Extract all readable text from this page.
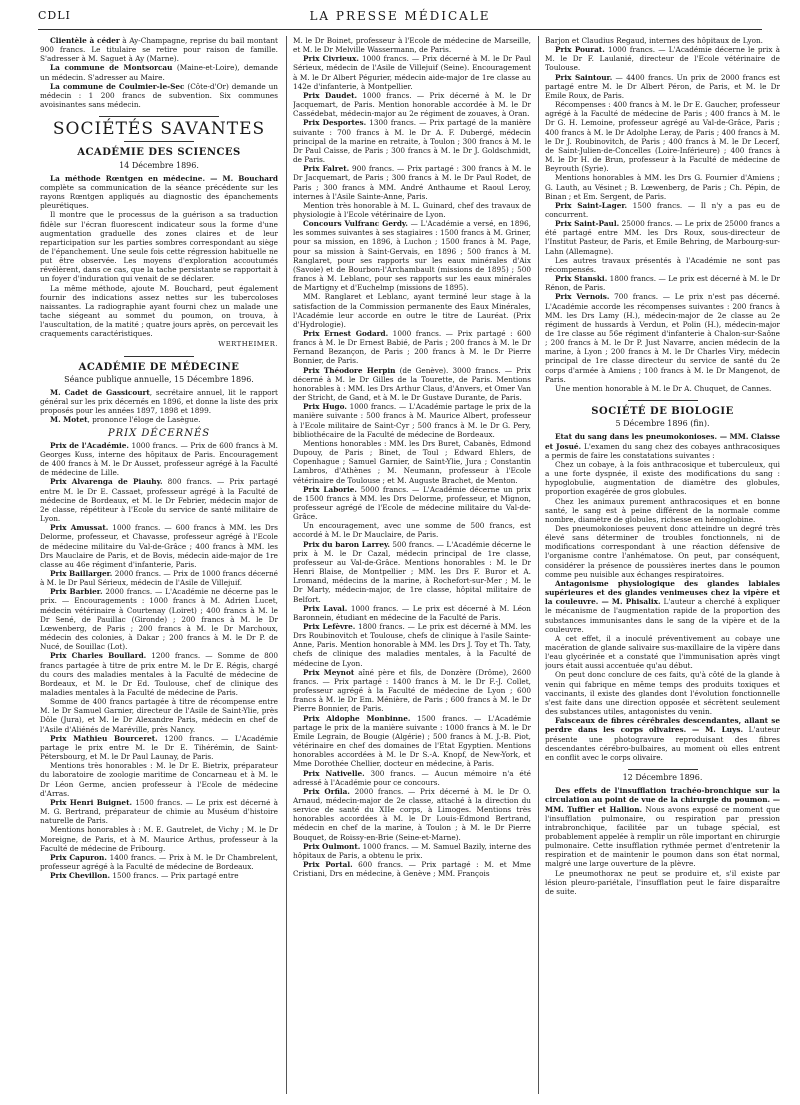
CDLI	LA PRESSE MÉDICALE

Clientèle à céder à Ay-Champagne, reprise du bail montant 900 francs. Le titulaire se retire pour raison de famille. S'adresser à M. Saguet à Ay (Marne).

La commune de Montsorcau (Maine-et-Loire), demande un médecin. S'adresser au Maire.

La commune de Coulmier-le-Sec (Côte-d'Or) demande un médecin : 1 200 francs de subvention. Six communes avoisinantes sans médecin.

SOCIÉTÉS SAVANTES
ACADÉMIE DES SCIENCES
14 Décembre 1896.

La méthode Rœntgen en médecine. — M. Bouchard complète sa communication de la séance précédente sur les rayons Rœntgen appliqués au diagnostic des épanchements pleurétiques.

Il montre que le processus de la guérison a sa traduction fidèle sur l'écran fluorescent indicateur sous la forme d'une augmentation graduelle des zones claires et de leur reparticipation sur les parties sombres correspondant au siège de l'épanchement. Une seule fois cette régression habituelle ne put être observée. Les moyens d'exploration accoutumés révélèrent, dans ce cas, que la tache persistante se rapportait à un foyer d'induration qui venait de se déclarer.

La même méthode, ajoute M. Bouchard, peut également fournir des indications assez nettes sur les tubercoloses naissantes. La radiographie ayant fourni chez un malade une tache siégeant au sommet du poumon, on trouva, à l'auscultation, de la matité ; quatre jours après, on percevait les craquements caractéristiques.

WERTHEIMER.
ACADÉMIE DE MÉDECINE
Séance publique annuelle, 15 Décembre 1896.

M. Cadet de Gassicourt, secrétaire annuel, lit le rapport général sur les prix décernés en 1896, et donne la liste des prix proposés pour les années 1897, 1898 et 1899.

M. Motet, prononce l'éloge de Lasègue.

PRIX DÉCERNÉS

Prix de l'Académie. 1000 francs. — Prix de 600 francs à M. Georges Kuss, interne des hôpitaux de Paris. Encouragement de 400 francs à M. le Dr Ausset, professeur agrégé à la Faculté de médecine de Lille.

Prix Alvarenga de Piauhy. 800 francs. — Prix partagé entre M. le Dr E. Cassaet, professeur agrégé à la Faculté de médecine de Bordeaux, et M. le Dr Febrier, médecin major de 2e classe, répétiteur à l'Ecole du service de santé militaire de Lyon.

Prix Amussat. 1000 francs. — 600 francs à MM. les Drs Delorme, professeur, et Chavasse, professeur agrégé à l'Ecole de médecine militaire du Val-de-Grâce ; 400 francs à MM. les Drs Mauclaire de Paris, et de Bovis, médecin aide-major de 1re classe au 46e régiment d'infanterie, Paris.

Prix Baillarger. 2000 francs. — Prix de 1000 francs décerné à M. le Dr Paul Sérieux, médecin de l'Asile de Villejuif.

Prix Barbier. 2000 francs. — L'Académie ne décerne pas le prix. — Encouragements : 1000 francs à M. Adrien Lucet, médecin vétérinaire à Courtenay (Loiret) ; 400 francs à M. le Dr Sené, de Pauillac (Gironde) ; 200 francs à M. le Dr Lœwenberg, de Paris ; 200 francs à M. le Dr Marchoux, médecin des colonies, à Dakar ; 200 francs à M. le Dr P. de Nucé, de Souillac (Lot).

Prix Charles Boullard. 1200 francs. — Somme de 800 francs partagée à titre de prix entre M. le Dr E. Régis, chargé du cours des maladies mentales à la Faculté de médecine de Bordeaux, et M. le Dr Ed. Toulouse, chef de clinique des maladies mentales à la Faculté de médecine de Paris.

Somme de 400 francs partagée à titre de récompense entre M. le Dr Samuel Garnier, directeur de l'Asile de Saint-Ylie, près Dôle (Jura), et M. le Dr Alexandre Paris, médecin en chef de l'Asile d'Aliénés de Maréville, près Nancy.

Prix Mathieu Bourceret. 1200 francs. — L'Académie partage le prix entre M. le Dr E. Tihérémin, de Saint-Pétersbourg, et M. le Dr Paul Launay, de Paris.

Mentions très honorables : M. le Dr E. Bietrix, préparateur du laboratoire de zoologie maritime de Concarneau et à M. le Dr Léon Germe, ancien professeur à l'Ecole de médecine d'Arras.

Prix Henri Buignet. 1500 francs. — Le prix est décerné à M. G. Bertrand, préparateur de chimie au Muséum d'histoire naturelle de Paris.

Mentions honorables à : M. E. Gautrelet, de Vichy ; M. le Dr Moreigne, de Paris, et à M. Maurice Arthus, professeur à la Faculté de médecine de Fribourg.

Prix Capuron. 1400 francs. — Prix à M. le Dr Chambrelent, professeur agrégé à la Faculté de médecine de Bordeaux.

Prix Chevillon. 1500 francs. — Prix partagé entre

M. le Dr Boinet, professeur à l'Ecole de médecine de Marseille, et M. le Dr Melville Wassermann, de Paris.

Prix Civrieux. 1000 francs. — Prix décerné à M. le Dr Paul Sérieux, médecin de l'Asile de Villejuif (Seine). Encouragement à M. le Dr Albert Pégurier, médecin aide-major de 1re classe au 142e d'infanterie, à Montpellier.

Prix Daudet. 1000 francs. — Prix décerné à M. le Dr Jacquemart, de Paris. Mention honorable accordée à M. le Dr Cassédebat, médecin-major au 2e régiment de zouaves, à Oran.

Prix Desportes. 1300 francs. — Prix partagé de la manière suivante : 700 francs à M. le Dr A. F. Dubergé, médecin principal de la marine en retraite, à Toulon ; 300 francs à M. le Dr Paul Caisse, de Paris ; 300 francs à M. le Dr J. Goldschmidt, de Paris.

Prix Falret. 900 francs. — Prix partagé : 300 francs à M. le Dr Jacquemart, de Paris ; 300 francs à M. le Dr Paul Rodet, de Paris ; 300 francs à MM. André Anthaume et Raoul Leroy, internes à l'Asile Sainte-Anne, Paris.

Mention très honorable à M. L. Guinard, chef des travaux de physiologie à l'Ecole vétérinaire de Lyon.

Concours Vulfranc Gerdy. — L'Académie a versé, en 1896, les sommes suivantes à ses stagiaires : 1500 francs à M. Griner, pour sa mission, en 1896, à Luchon ; 1500 francs à M. Page, pour sa mission à Saint-Gervais, en 1896 ; 500 francs à M. Ranglaret, pour ses rapports sur les eaux minérales d'Aix (Savoie) et de Bourbon-l'Archambault (missions de 1895) ; 500 francs à M. Leblanc, pour ses rapports sur les eaux minérales de Martigny et d'Euchelmp (missions de 1895).

MM. Ranglaret et Leblanc, ayant terminé leur stage à la satisfaction de la Commission permanente des Eaux Minérales, l'Académie leur accorde en outre le titre de Lauréat. (Prix d'Hydrologie).

Prix Ernest Godard. 1000 francs. — Prix partagé : 600 francs à M. le Dr Ernest Babié, de Paris ; 200 francs à M. le Dr Fernand Bezançon, de Paris ; 200 francs à M. le Dr Pierre Bonnier, de Paris.

Prix Théodore Herpin (de Genève). 3000 francs. — Prix décerné à M. le Dr Gilles de la Tourette, de Paris. Mentions honorables à : MM. les Drs Arthur Claus, d'Anvers, et Omer Van der Stricht, de Gand, et à M. le Dr Gustave Durante, de Paris.

Prix Hugo. 1000 francs. — L'Académie partage le prix de la manière suivante : 500 francs à M. Maurice Albert, professeur à l'Ecole militaire de Saint-Cyr ; 500 francs à M. le Dr G. Pery, bibliothécaire de la Faculté de médecine de Bordeaux.

Mentions honorables : MM. les Drs Buret, Cabanès, Edmond Dupouy, de Paris ; Binet, de Toul ; Edward Ehlers, de Copenhague ; Samuel Garnier, de Saint-Ylie, Jura ; Constantin Lambros, d'Athènes ; M. Neumann, professeur à l'Ecole vétérinaire de Toulouse ; et M. Auguste Brachet, de Menton.

Prix Laborie. 5000 francs. — L'Académie décerne un prix de 1500 francs à MM. les Drs Delorme, professeur, et Mignon, professeur agrégé de l'Ecole de médecine militaire du Val-de-Grâce.

Un encouragement, avec une somme de 500 francs, est accordé à M. le Dr Mauclaire, de Paris.

Prix du baron Larrey. 500 francs. — L'Académie décerne le prix à M. le Dr Cazal, médecin principal de 1re classe, professeur au Val-de-Grâce. Mentions honorables : M. le Dr Henri Blaise, de Montpellier ; MM. les Drs F. Buror et A. Lromand, médecins de la marine, à Rochefort-sur-Mer ; M. le Dr Marty, médecin-major, de 1re classe, hôpital militaire de Belfort.

Prix Laval. 1000 francs. — Le prix est décerné à M. Léon Baronnein, étudiant en médecine de la Faculté de Paris.

Prix Lefèvre. 1800 francs. — Le prix est décerné à MM. les Drs Roubinovitch et Toulouse, chefs de clinique à l'asile Sainte-Anne, Paris. Mention honorable à MM. les Drs J. Toy et Th. Taty, chefs de clinique des maladies mentales, à la Faculté de médecine de Lyon.

Prix Meynot aîné père et fils, de Donzère (Drôme), 2600 francs. — Prix partagé : 1400 francs à M. le Dr F.-J. Collet, professeur agrégé à la Faculté de médecine de Lyon ; 600 francs à M. le Dr Em. Ménière, de Paris ; 600 francs à M. le Dr Pierre Bonnier, de Paris.

Prix Aldophe Monbinne. 1500 francs. — L'Académie partage le prix de la manière suivante : 1000 francs à M. le Dr Emile Legrain, de Bougie (Algérie) ; 500 francs à M. J.-B. Piot, vétérinaire en chef des domaines de l'Etat Egyptien. Mentions honorables accordées à M. le Dr S.-A. Knopf, de New-York, et Mme Dorothée Chellier, docteur en médecine, à Paris.

Prix Nativelle. 300 francs. — Aucun mémoire n'a été adressé à l'Académie pour ce concours.

Prix Orfila. 2000 francs. — Prix décerné à M. le Dr O. Arnaud, médecin-major de 2e classe, attaché à la direction du service de santé du XIIe corps, à Limoges. Mentions très honorables accordées à M. le Dr Louis-Edmond Bertrand, médecin en chef de la marine, à Toulon ; à M. le Dr Pierre Bouquet, de Roissy-en-Brie (Seine-et-Marne).

Prix Oulmont. 1000 francs. — M. Samuel Bazily, interne des hôpitaux de Paris, a obtenu le prix.

Prix Portal. 600 francs. — Prix partagé : M. et Mme Cristiani, Drs en médecine, à Genève ; MM. François

Barjon et Claudius Regaud, internes des hôpitaux de Lyon.

Prix Pourat. 1000 francs. — L'Académie décerne le prix à M. le Dr F. Laulanié, directeur de l'Ecole vétérinaire de Toulouse.

Prix Saintour. — 4400 francs. Un prix de 2000 francs est partagé entre M. le Dr Albert Péron, de Paris, et M. le Dr Emile Roux, de Paris.

Récompenses : 400 francs à M. le Dr E. Gaucher, professeur agrégé à la Faculté de médecine de Paris ; 400 francs à M. le Dr G. H. Lemoine, professeur agrégé au Val-de-Grâce, Paris ; 400 francs à M. le Dr Adolphe Leray, de Paris ; 400 francs à M. le Dr J. Roubinovitch, de Paris ; 400 francs à M. le Dr Lecerf, de Saint-Julien-de-Concelles (Loire-Inférieure) ; 400 francs à M. le Dr H. de Brun, professeur à la Faculté de médecine de Beyrouth (Syrie).

Mentions honorables à MM. les Drs G. Fournier d'Amiens ; G. Lauth, au Vésinet ; B. Lœwenberg, de Paris ; Ch. Pépin, de Binan ; et Em. Sergent, de Paris.

Prix Saint-Lager. 1500 francs. — Il n'y a pas eu de concurrent.

Prix Saint-Paul. 25000 francs. — Le prix de 25000 francs a été partagé entre MM. les Drs Roux, sous-directeur de l'Institut Pasteur, de Paris, et Emile Behring, de Marbourg-sur-Lahn (Allemagne).

Les autres travaux présentés à l'Académie ne sont pas récompensés.

Prix Stanski. 1800 francs. — Le prix est décerné à M. le Dr Rénon, de Paris.

Prix Vernois. 700 francs. — Le prix n'est pas décerné. L'Académie accorde les récompenses suivantes : 200 francs à MM. les Drs Lamy (H.), médecin-major de 2e classe au 2e régiment de hussards à Verdun, et Polin (H.), médecin-major de 1re classe au 56e régiment d'infanterie à Chalon-sur-Saône ; 200 francs à M. le Dr P. Just Navarre, ancien médecin de la marine, à Lyon ; 200 francs à M. le Dr Charles Viry, médecin principal de 1re classe directeur du service de santé du 2e corps d'armée à Amiens ; 100 francs à M. le Dr Mangenot, de Paris.

Une mention honorable à M. le Dr A. Chuquet, de Cannes.

SOCIÉTÉ DE BIOLOGIE
5 Décembre 1896 (fin).

Etat du sang dans les pneumokonioses. — MM. Claisse et Josué. L'examen du sang chez des cobayes anthracosiques a permis de faire les constatations suivantes :

Chez un cobaye, à la fois anthracosique et tuberculeux, qui a une forte dyspnée, il existe des modifications du sang : hypoglobulie, augmentation de diamètre des globules, proportion exagérée de gros globules.

Chez les animaux purement anthracosiques et en bonne santé, le sang est à peine différent de la normale comme nombre, diamètre de globules, richesse en hémoglobine.

Des pneumokonioses peuvent donc atteindre un degré très élevé sans déterminer de troubles fonctionnels, ni de modifications correspondant à une réaction défensive de l'organisme contre l'anhématose. On peut, par conséquent, considérer la présence de poussières inertes dans le poumon comme peu nuisible aux échanges respiratoires.

Antagonisme physiologique des glandes labiales supérieures et des glandes venimeuses chez la vipère et la couleuvre. — M. Phisalix. L'auteur a cherché à expliquer le mécanisme de l'augmentation rapide de la proportion des substances immunisantes dans le sang de la vipère et de la couleuvre.

A cet effet, il a inoculé préventivement au cobaye une macération de glande salivaire sus-maxillaire de la vipère dans l'eau glycérinée et a constaté que l'immunisation après vingt jours était aussi accentuée qu'au début.

On peut donc conclure de ces faits, qu'à côté de la glande à venin qui fabrique en même temps des produits toxiques et vaccinants, il existe des glandes dont l'évolution fonctionnelle s'est faite dans une direction opposée et sécrètent seulement des substances utiles, antagonistes du venin.

Faisceaux de fibres cérébrales descendantes, allant se perdre dans les corps olivaires. — M. Luys. L'auteur présente une photogravure reproduisant des fibres descendantes cérébro-bulbaires, au moment où elles entrent en conflit avec le corps olivaire.

12 Décembre 1896.

Des effets de l'insufflation trachéo-bronchique sur la circulation au point de vue de la chirurgie du poumon. — MM. Tuffier et Hallion. Nous avons exposé ce moment que l'insufflation pulmonaire, ou respiration par pression intrabronchique, facilitée par un tubage spécial, est probablement appelée à remplir un rôle important en chirurgie pulmonaire. Cette insufflation rythmée permet d'entretenir la respiration et de maintenir le poumon dans son état normal, malgré une large ouverture de la plèvre.

Le pneumothorax ne peut se produire et, s'il existe par lésion pleuro-pariétale, l'insufflation peut le faire disparaître de suite.
